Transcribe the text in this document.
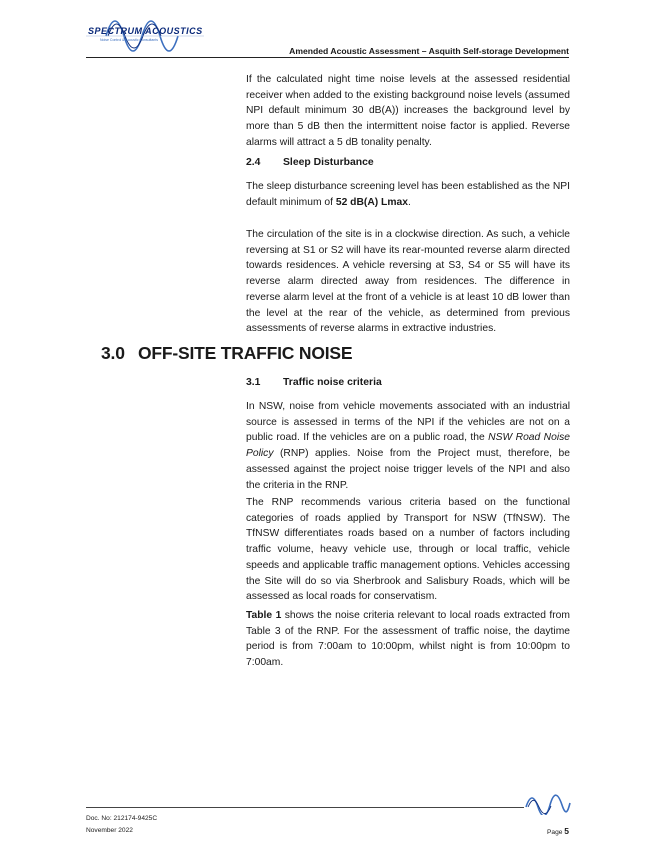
SPECTRUM ACOUSTICS
Noise Control & Acoustic Consultants
Amended Acoustic Assessment – Asquith Self-storage Development

If the calculated night time noise levels at the assessed residential receiver when added to the existing background noise levels (assumed NPI default minimum 30 dB(A)) increases the background level by more than 5 dB then the intermittent noise factor is applied. Reverse alarms will attract a 5 dB tonality penalty.

2.4 Sleep Disturbance

The sleep disturbance screening level has been established as the NPI default minimum of 52 dB(A) Lmax.

The circulation of the site is in a clockwise direction. As such, a vehicle reversing at S1 or S2 will have its rear-mounted reverse alarm directed towards residences. A vehicle reversing at S3, S4 or S5 will have its reverse alarm directed away from residences. The difference in reverse alarm level at the front of a vehicle is at least 10 dB lower than the level at the rear of the vehicle, as determined from previous assessments of reverse alarms in extractive industries.

3.0 OFF-SITE TRAFFIC NOISE
3.1 Traffic noise criteria

In NSW, noise from vehicle movements associated with an industrial source is assessed in terms of the NPI if the vehicles are not on a public road. If the vehicles are on a public road, the NSW Road Noise Policy (RNP) applies. Noise from the Project must, therefore, be assessed against the project noise trigger levels of the NPI and also the criteria in the RNP.

The RNP recommends various criteria based on the functional categories of roads applied by Transport for NSW (TfNSW). The TfNSW differentiates roads based on a number of factors including traffic volume, heavy vehicle use, through or local traffic, vehicle speeds and applicable traffic management options. Vehicles accessing the Site will do so via Sherbrook and Salisbury Roads, which will be assessed as local roads for conservatism.

Table 1 shows the noise criteria relevant to local roads extracted from Table 3 of the RNP. For the assessment of traffic noise, the daytime period is from 7:00am to 10:00pm, whilst night is from 10:00pm to 7:00am.

Doc. No: 212174-9425C
November 2022	Page 5
